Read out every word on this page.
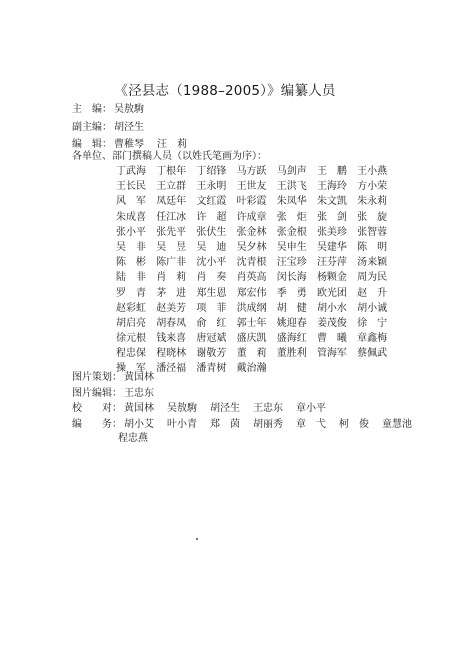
《泾县志（1988–2005）》编纂人员
主　编： 吴敖駒
副主编： 胡泾生
编　辑： 曹稚琴 汪　莉
各单位、部门撰稿人员（以姓氏笔画为序）：
丁武海 丁根年 丁绍锋 马方跃 马剑声 王　鹏 王小燕
王长民 王立群 王永明 王世友 王洪飞 王海玲 方小荣
风　军 凤廷年 文红霞 叶彩霞 朱凤华 朱文凯 朱永莉
朱成喜 任江冰 许　超 许成章 张　炬 张　剑 张　旋
张小平 张先平 张伏生 张金林 张金根 张美珍 张智蓉
吴　非 吴　昱 吴　迪 吴夕林 吴申生 吴建华 陈　明
陈　彬 陈广非 沈小平 沈青根 汪宝珍 汪芬萍 汤来颖
陆　非 肖　莉 肖　奏 肖英高 闵长海 杨颗金 周为民
罗　青 茅　进 郑生恩 郑宏伟 季　勇 欧光团 赵　升
赵彩虹 赵美芳 项　菲 洪成纲 胡　健 胡小水 胡小诚
胡启亮 胡春凤 俞　红 郭士年 姚迎春 姜茂俊 徐　宁
徐元根 钱来喜 唐冠斌 盛庆凯 盛海红 曹　曦 章鑫梅
程忠保 程晓林 谢敬芳 董　莉 董胜利 管海军 蔡佩武
操　军 潘泾福 潘青树 戴治瀚
图片策划： 黄国林
图片编辑： 王忠东
校　　对： 黄国林 吴敖駒 胡泾生 王忠东 章小平
编　　务： 胡小艾 叶小青 郑　茵 胡丽秀 章　弋 柯　俊 童慧池
程忠燕
